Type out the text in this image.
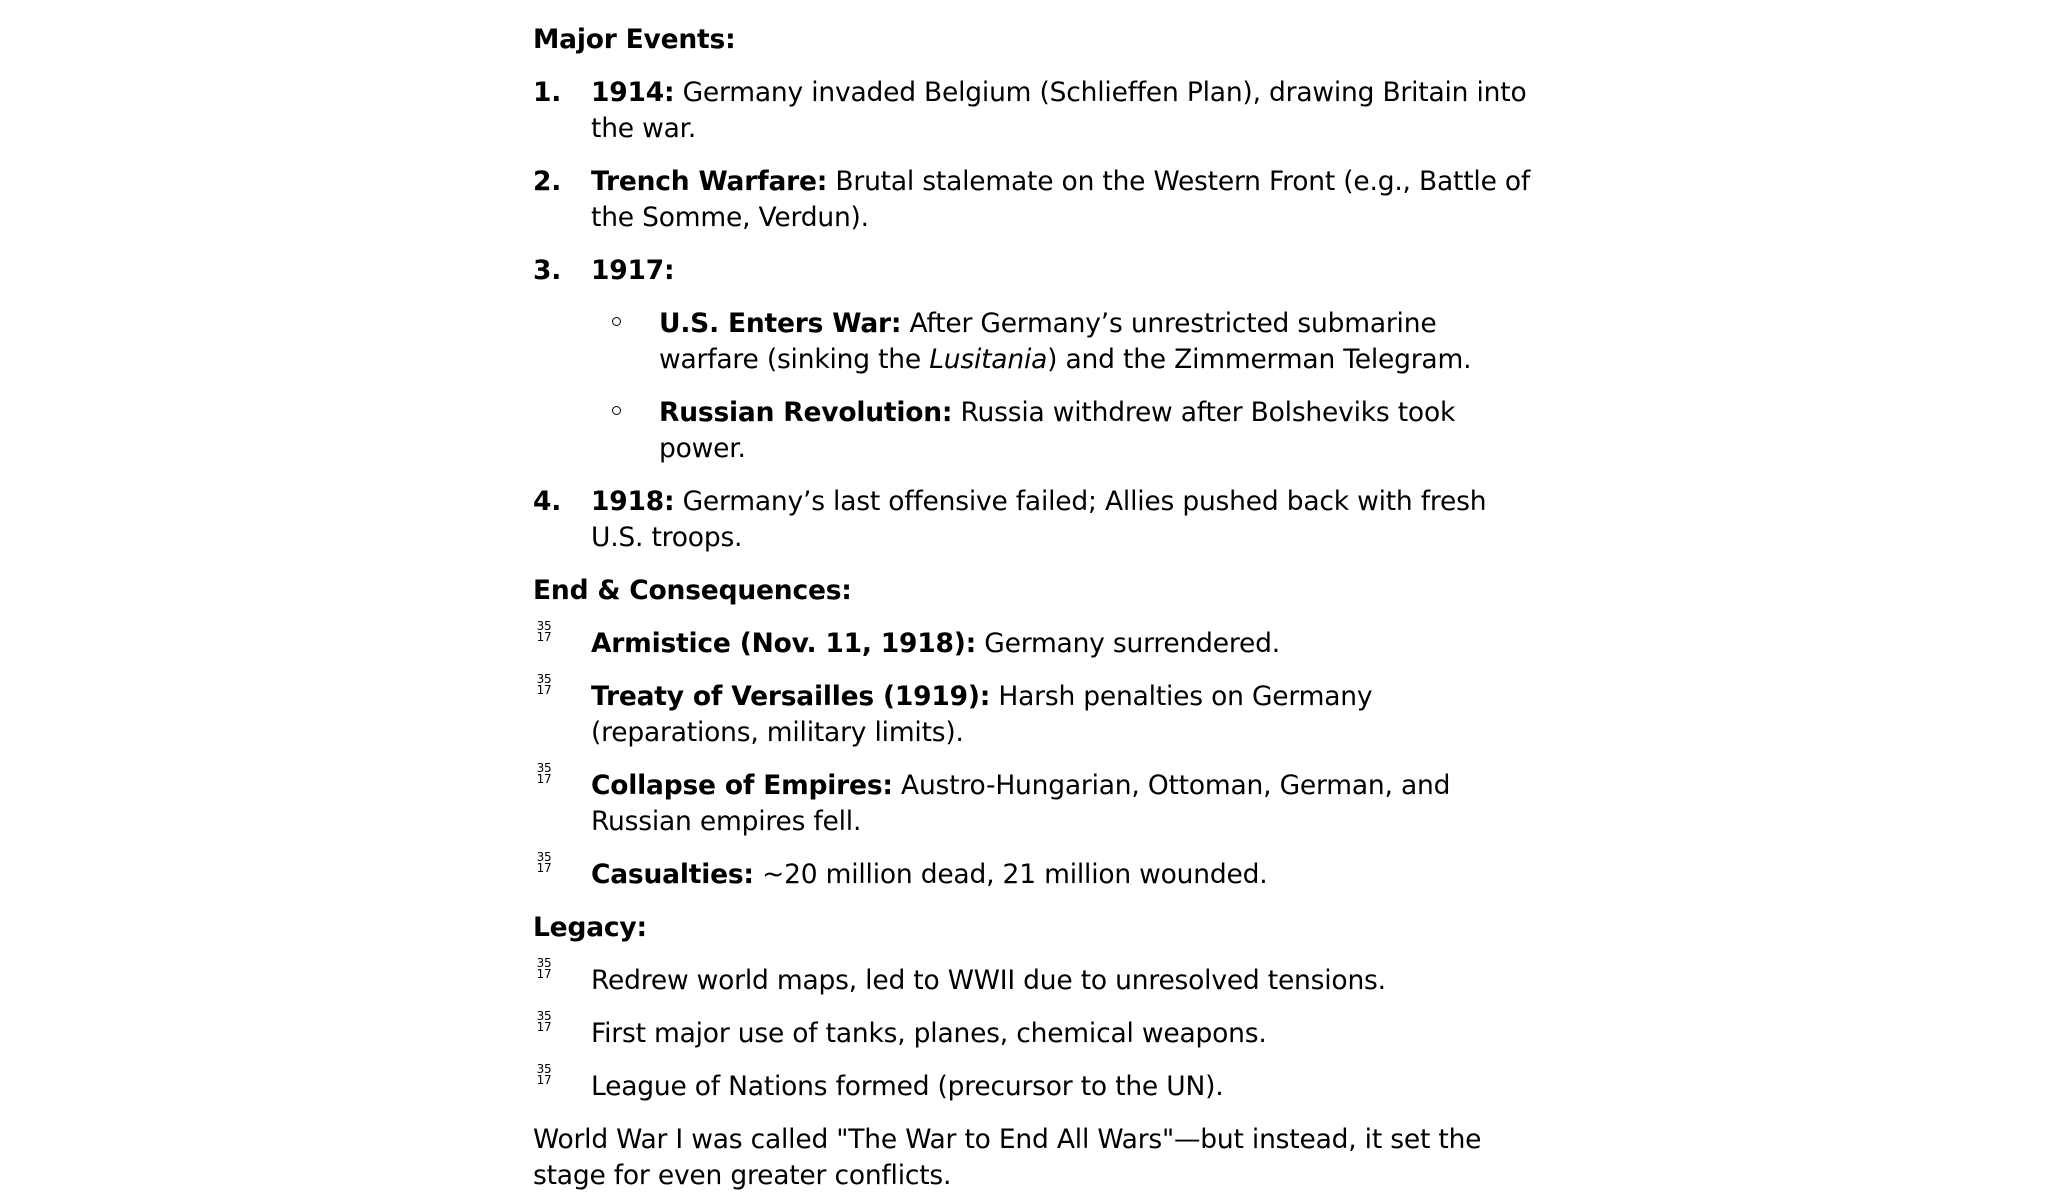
Major Events:
1. 1914: Germany invaded Belgium (Schlieffen Plan), drawing Britain into the war.
2. Trench Warfare: Brutal stalemate on the Western Front (e.g., Battle of the Somme, Verdun).
3. 1917:
U.S. Enters War: After Germany’s unrestricted submarine warfare (sinking the Lusitania) and the Zimmerman Telegram.
Russian Revolution: Russia withdrew after Bolsheviks took power.
4. 1918: Germany’s last offensive failed; Allies pushed back with fresh U.S. troops.
End & Consequences:
35
17 Armistice (Nov. 11, 1918): Germany surrendered.
35
17 Treaty of Versailles (1919): Harsh penalties on Germany (reparations, military limits).
35
17 Collapse of Empires: Austro-Hungarian, Ottoman, German, and Russian empires fell.
35
17 Casualties: ~20 million dead, 21 million wounded.
Legacy:
35
17 Redrew world maps, led to WWII due to unresolved tensions.
35
17 First major use of tanks, planes, chemical weapons.
35
17 League of Nations formed (precursor to the UN).
World War I was called "The War to End All Wars"—but instead, it set the stage for even greater conflicts.
